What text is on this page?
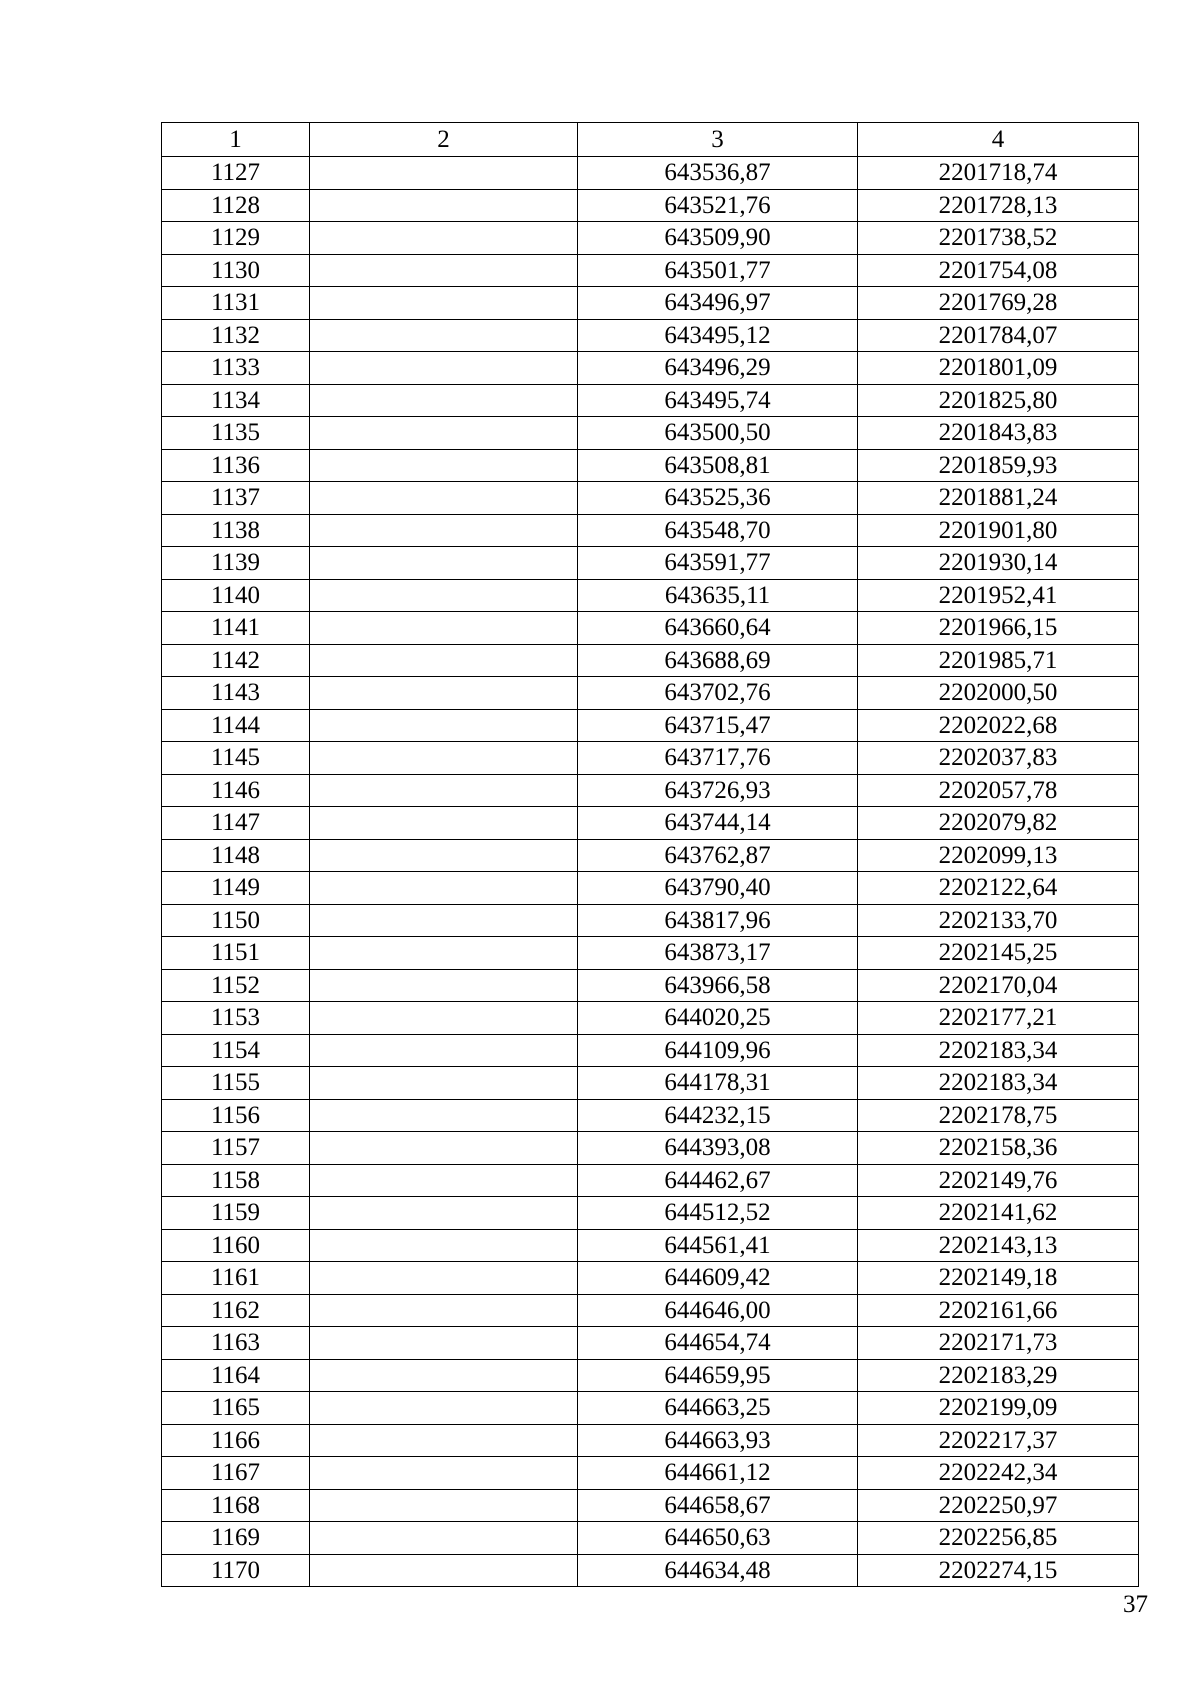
1	2	3	4
1127		643536,87	2201718,74
1128		643521,76	2201728,13
1129		643509,90	2201738,52
1130		643501,77	2201754,08
1131		643496,97	2201769,28
1132		643495,12	2201784,07
1133		643496,29	2201801,09
1134		643495,74	2201825,80
1135		643500,50	2201843,83
1136		643508,81	2201859,93
1137		643525,36	2201881,24
1138		643548,70	2201901,80
1139		643591,77	2201930,14
1140		643635,11	2201952,41
1141		643660,64	2201966,15
1142		643688,69	2201985,71
1143		643702,76	2202000,50
1144		643715,47	2202022,68
1145		643717,76	2202037,83
1146		643726,93	2202057,78
1147		643744,14	2202079,82
1148		643762,87	2202099,13
1149		643790,40	2202122,64
1150		643817,96	2202133,70
1151		643873,17	2202145,25
1152		643966,58	2202170,04
1153		644020,25	2202177,21
1154		644109,96	2202183,34
1155		644178,31	2202183,34
1156		644232,15	2202178,75
1157		644393,08	2202158,36
1158		644462,67	2202149,76
1159		644512,52	2202141,62
1160		644561,41	2202143,13
1161		644609,42	2202149,18
1162		644646,00	2202161,66
1163		644654,74	2202171,73
1164		644659,95	2202183,29
1165		644663,25	2202199,09
1166		644663,93	2202217,37
1167		644661,12	2202242,34
1168		644658,67	2202250,97
1169		644650,63	2202256,85
1170		644634,48	2202274,15
37
